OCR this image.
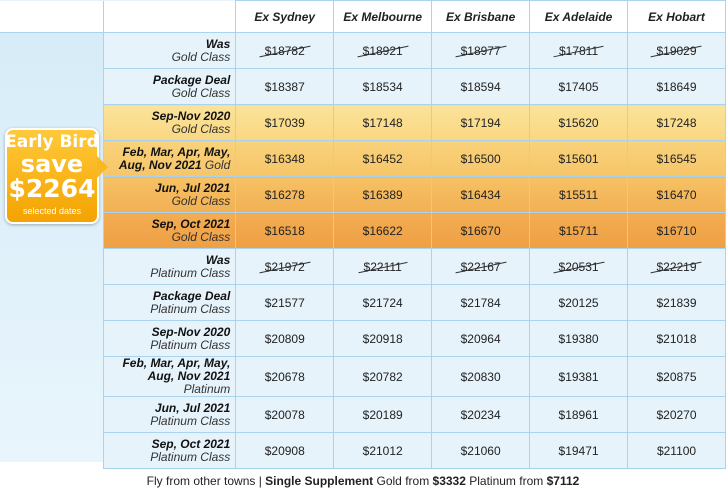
		Ex Sydney	Ex Melbourne	Ex Brisbane	Ex Adelaide	Ex Hobart

	Was
Gold Class	$18782	$18921	$18977	$17811	$19029

	Package Deal
Gold Class	$18387	$18534	$18594	$17405	$18649

	Sep-Nov 2020
Gold Class	$17039	$17148	$17194	$15620	$17248

	Feb, Mar, Apr, May,
Aug, Nov 2021 Gold	$16348	$16452	$16500	$15601	$16545

	Jun, Jul 2021
Gold Class	$16278	$16389	$16434	$15511	$16470

	Sep, Oct 2021
Gold Class	$16518	$16622	$16670	$15711	$16710

	Was
Platinum Class	$21972	$22111	$22167	$20531	$22219

	Package Deal
Platinum Class	$21577	$21724	$21784	$20125	$21839

	Sep-Nov 2020
Platinum Class	$20809	$20918	$20964	$19380	$21018

	Feb, Mar, Apr, May,
Aug, Nov 2021 Platinum	$20678	$20782	$20830	$19381	$20875

	Jun, Jul 2021
Platinum Class	$20078	$20189	$20234	$18961	$20270

	Sep, Oct 2021
Platinum Class	$20908	$21012	$21060	$19471	$21100
Early Bird
save
$2264
selected dates
Fly from other towns | Single Supplement Gold from $3332 Platinum from $7112
